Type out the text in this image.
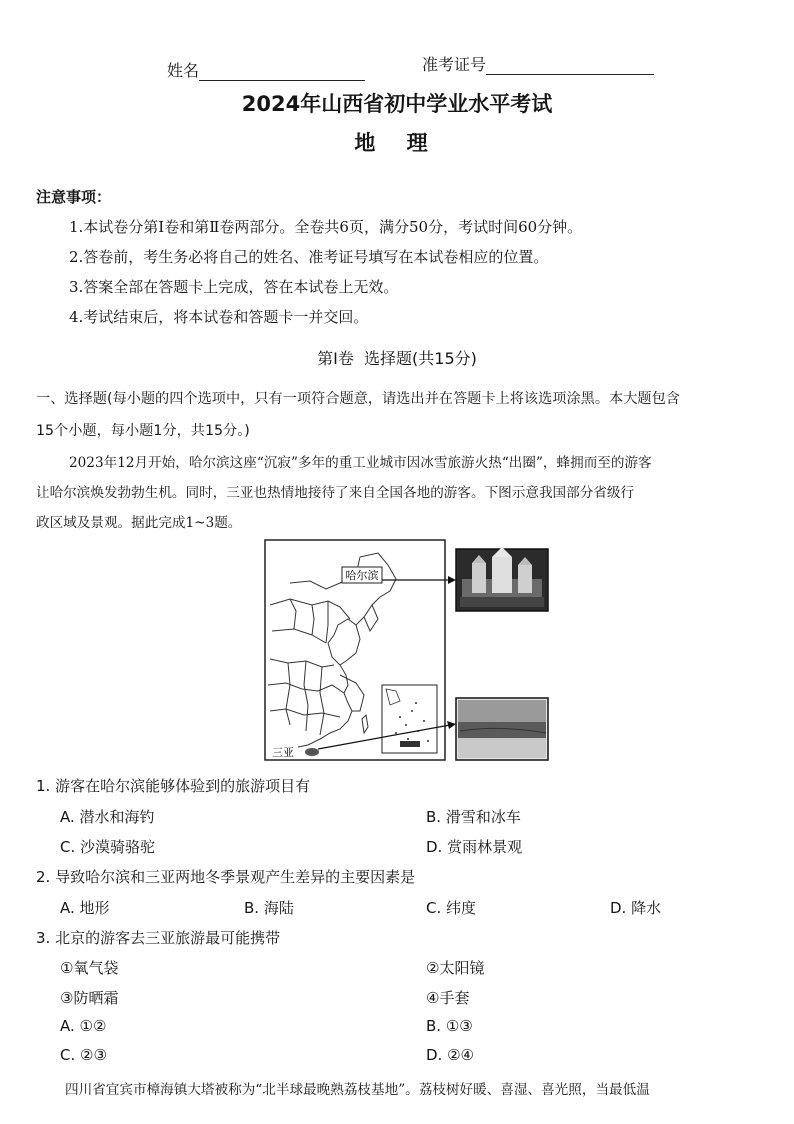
姓名	准考证号
2024年山西省初中学业水平考试
地 理
注意事项：
1.本试卷分第Ⅰ卷和第Ⅱ卷两部分。全卷共6页，满分50分，考试时间60分钟。
2.答卷前，考生务必将自己的姓名、准考证号填写在本试卷相应的位置。
3.答案全部在答题卡上完成，答在本试卷上无效。
4.考试结束后，将本试卷和答题卡一并交回。
第Ⅰ卷  选择题(共15分)
一、选择题(每小题的四个选项中，只有一项符合题意，请选出并在答题卡上将该选项涂黑。本大题包含
15个小题，每小题1分，共15分。)
2023年12月开始，哈尔滨这座“沉寂”多年的重工业城市因冰雪旅游火热“出圈”，蜂拥而至的游客
让哈尔滨焕发勃勃生机。同时，三亚也热情地接待了来自全国各地的游客。下图示意我国部分省级行
政区域及景观。据此完成1~3题。
哈尔滨
三亚
1. 游客在哈尔滨能够体验到的旅游项目有
A. 潜水和海钓	B. 滑雪和冰车
C. 沙漠骑骆驼	D. 赏雨林景观
2. 导致哈尔滨和三亚两地冬季景观产生差异的主要因素是
A. 地形	B. 海陆	C. 纬度	D. 降水
3. 北京的游客去三亚旅游最可能携带
①氧气袋	②太阳镜
③防晒霜	④手套
A. ①②	B. ①③
C. ②③	D. ②④
四川省宜宾市樟海镇大塔被称为“北半球最晚熟荔枝基地”。荔枝树好暖、喜湿、喜光照，当最低温
